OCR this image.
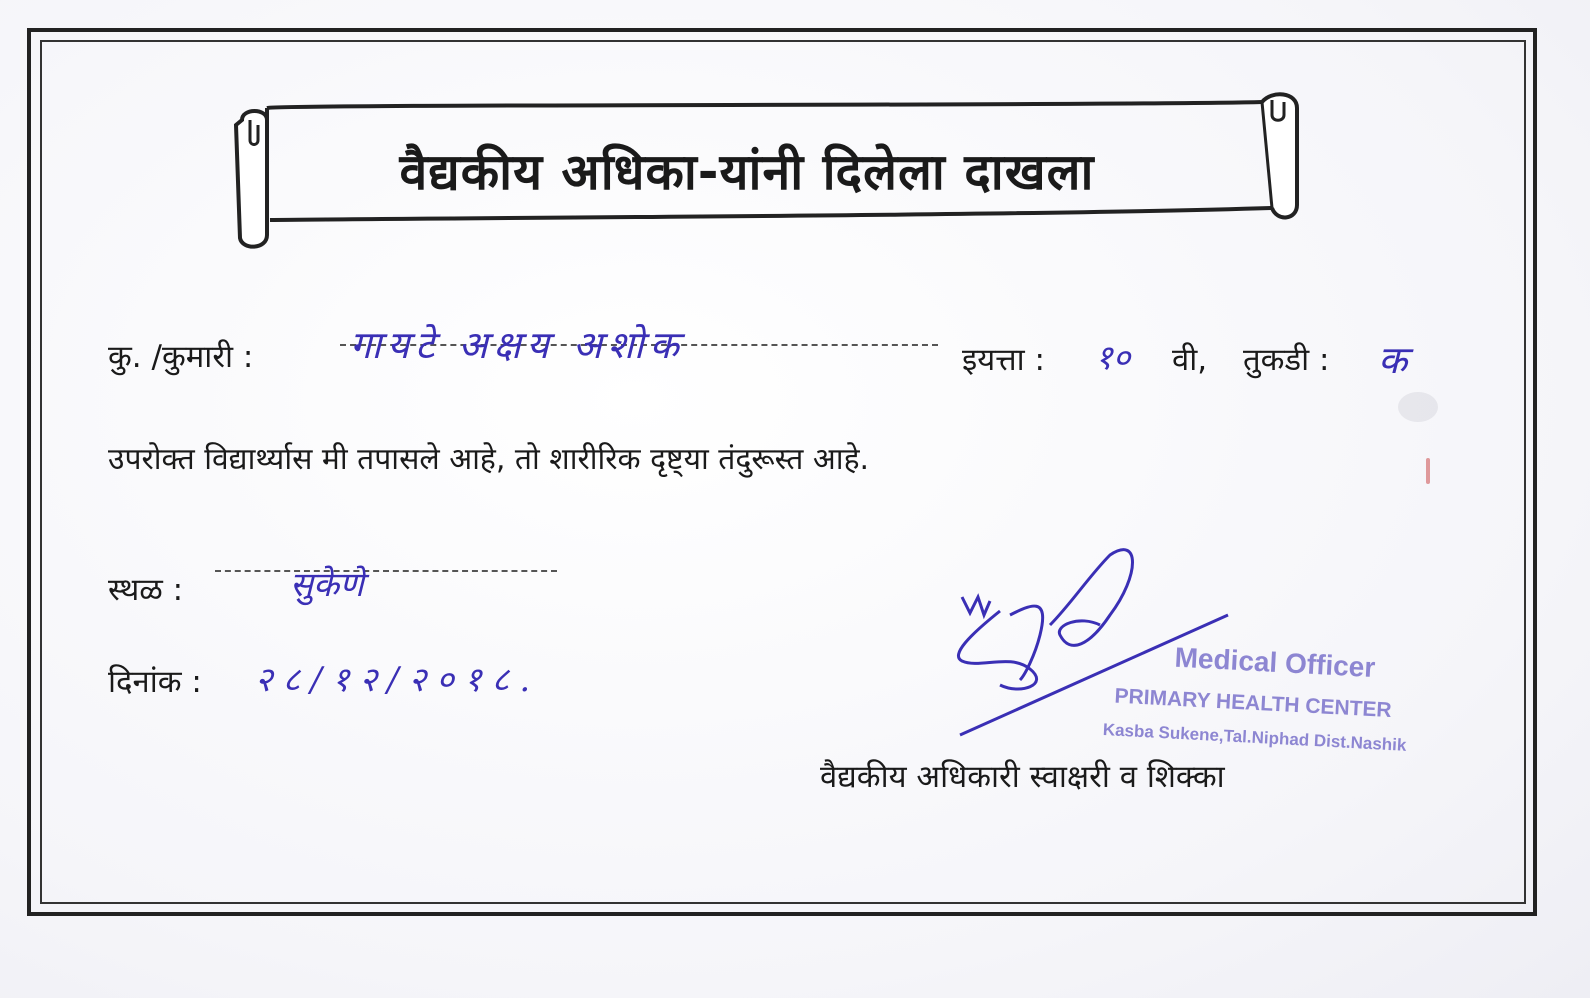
वैद्यकीय अधिका-यांनी दिलेला दाखला
कु. /कुमारी :	गायटे अक्षय अशोक	इयत्ता : १० वी, तुकडी : क
उपरोक्त विद्यार्थ्यास मी तपासले आहे, तो शारीरिक दृष्ट्या तंदुरूस्त आहे.
स्थळ :	सुकेणे
दिनांक : २८/१२/२०१८.	Medical Officer
PRIMARY HEALTH CENTER
Kasba Sukene,Tal.Niphad Dist.Nashik
वैद्यकीय अधिकारी स्वाक्षरी व शिक्का
